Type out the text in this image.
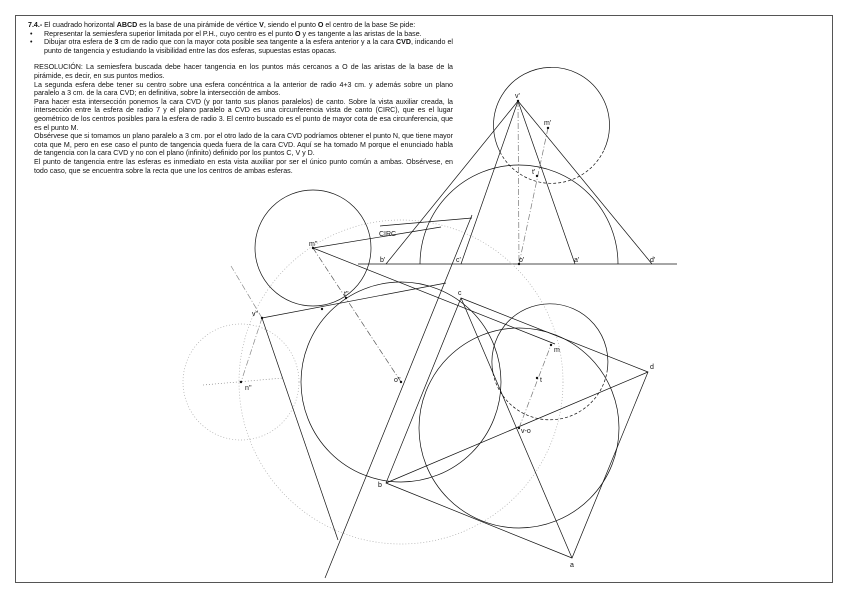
7.4.- El cuadrado horizontal ABCD es la base de una pirámide de vértice V, siendo el punto O el centro de la base Se pide:

• Representar la semiesfera superior limitada por el P.H., cuyo centro es el punto O y es tangente a las aristas de la base.
• Dibujar otra esfera de 3 cm de radio que con la mayor cota posible sea tangente a la esfera anterior y a la cara CVD, indicando el punto de tangencia y estudiando la visibilidad entre las dos esferas, supuestas estas opacas.

RESOLUCIÓN: La semiesfera buscada debe hacer tangencia en los puntos más cercanos a O de las aristas de la base de la pirámide, es decir, en sus puntos medios.

La segunda esfera debe tener su centro sobre una esfera concéntrica a la anterior de radio 4+3 cm. y además sobre un plano paralelo a 3 cm. de la cara CVD; en definitiva, sobre la intersección de ambos.

Para hacer esta intersección ponemos la cara CVD (y por tanto sus planos paralelos) de canto. Sobre la vista auxiliar creada, la intersección entre la esfera de radio 7 y el plano paralelo a CVD es una circunferencia vista de canto (CIRC), que es el lugar geométrico de los centros posibles para la esfera de radio 3. El centro buscado es el punto de mayor cota de esa circunferencia, que es el punto M.

Obsérvese que si tomamos un plano paralelo a 3 cm. por el otro lado de la cara CVD podríamos obtener el punto N, que tiene mayor cota que M, pero en ese caso el punto de tangencia queda fuera de la cara CVD. Aquí se ha tomado M porque el enunciado habla de tangencia con la cara CVD y no con el plano (infinito) definido por los puntos C, V y D.

El punto de tangencia entre las esferas es inmediato en esta vista auxiliar por ser el único punto común a ambas. Obsérvese, en todo caso, que se encuentra sobre la recta que une los centros de ambas esferas.

v'
m'
t'
b'	c'	o'	a'	d'
m''
CIRC
t''
v''
n''
o''
c
m
t
d
v-o
b
a
